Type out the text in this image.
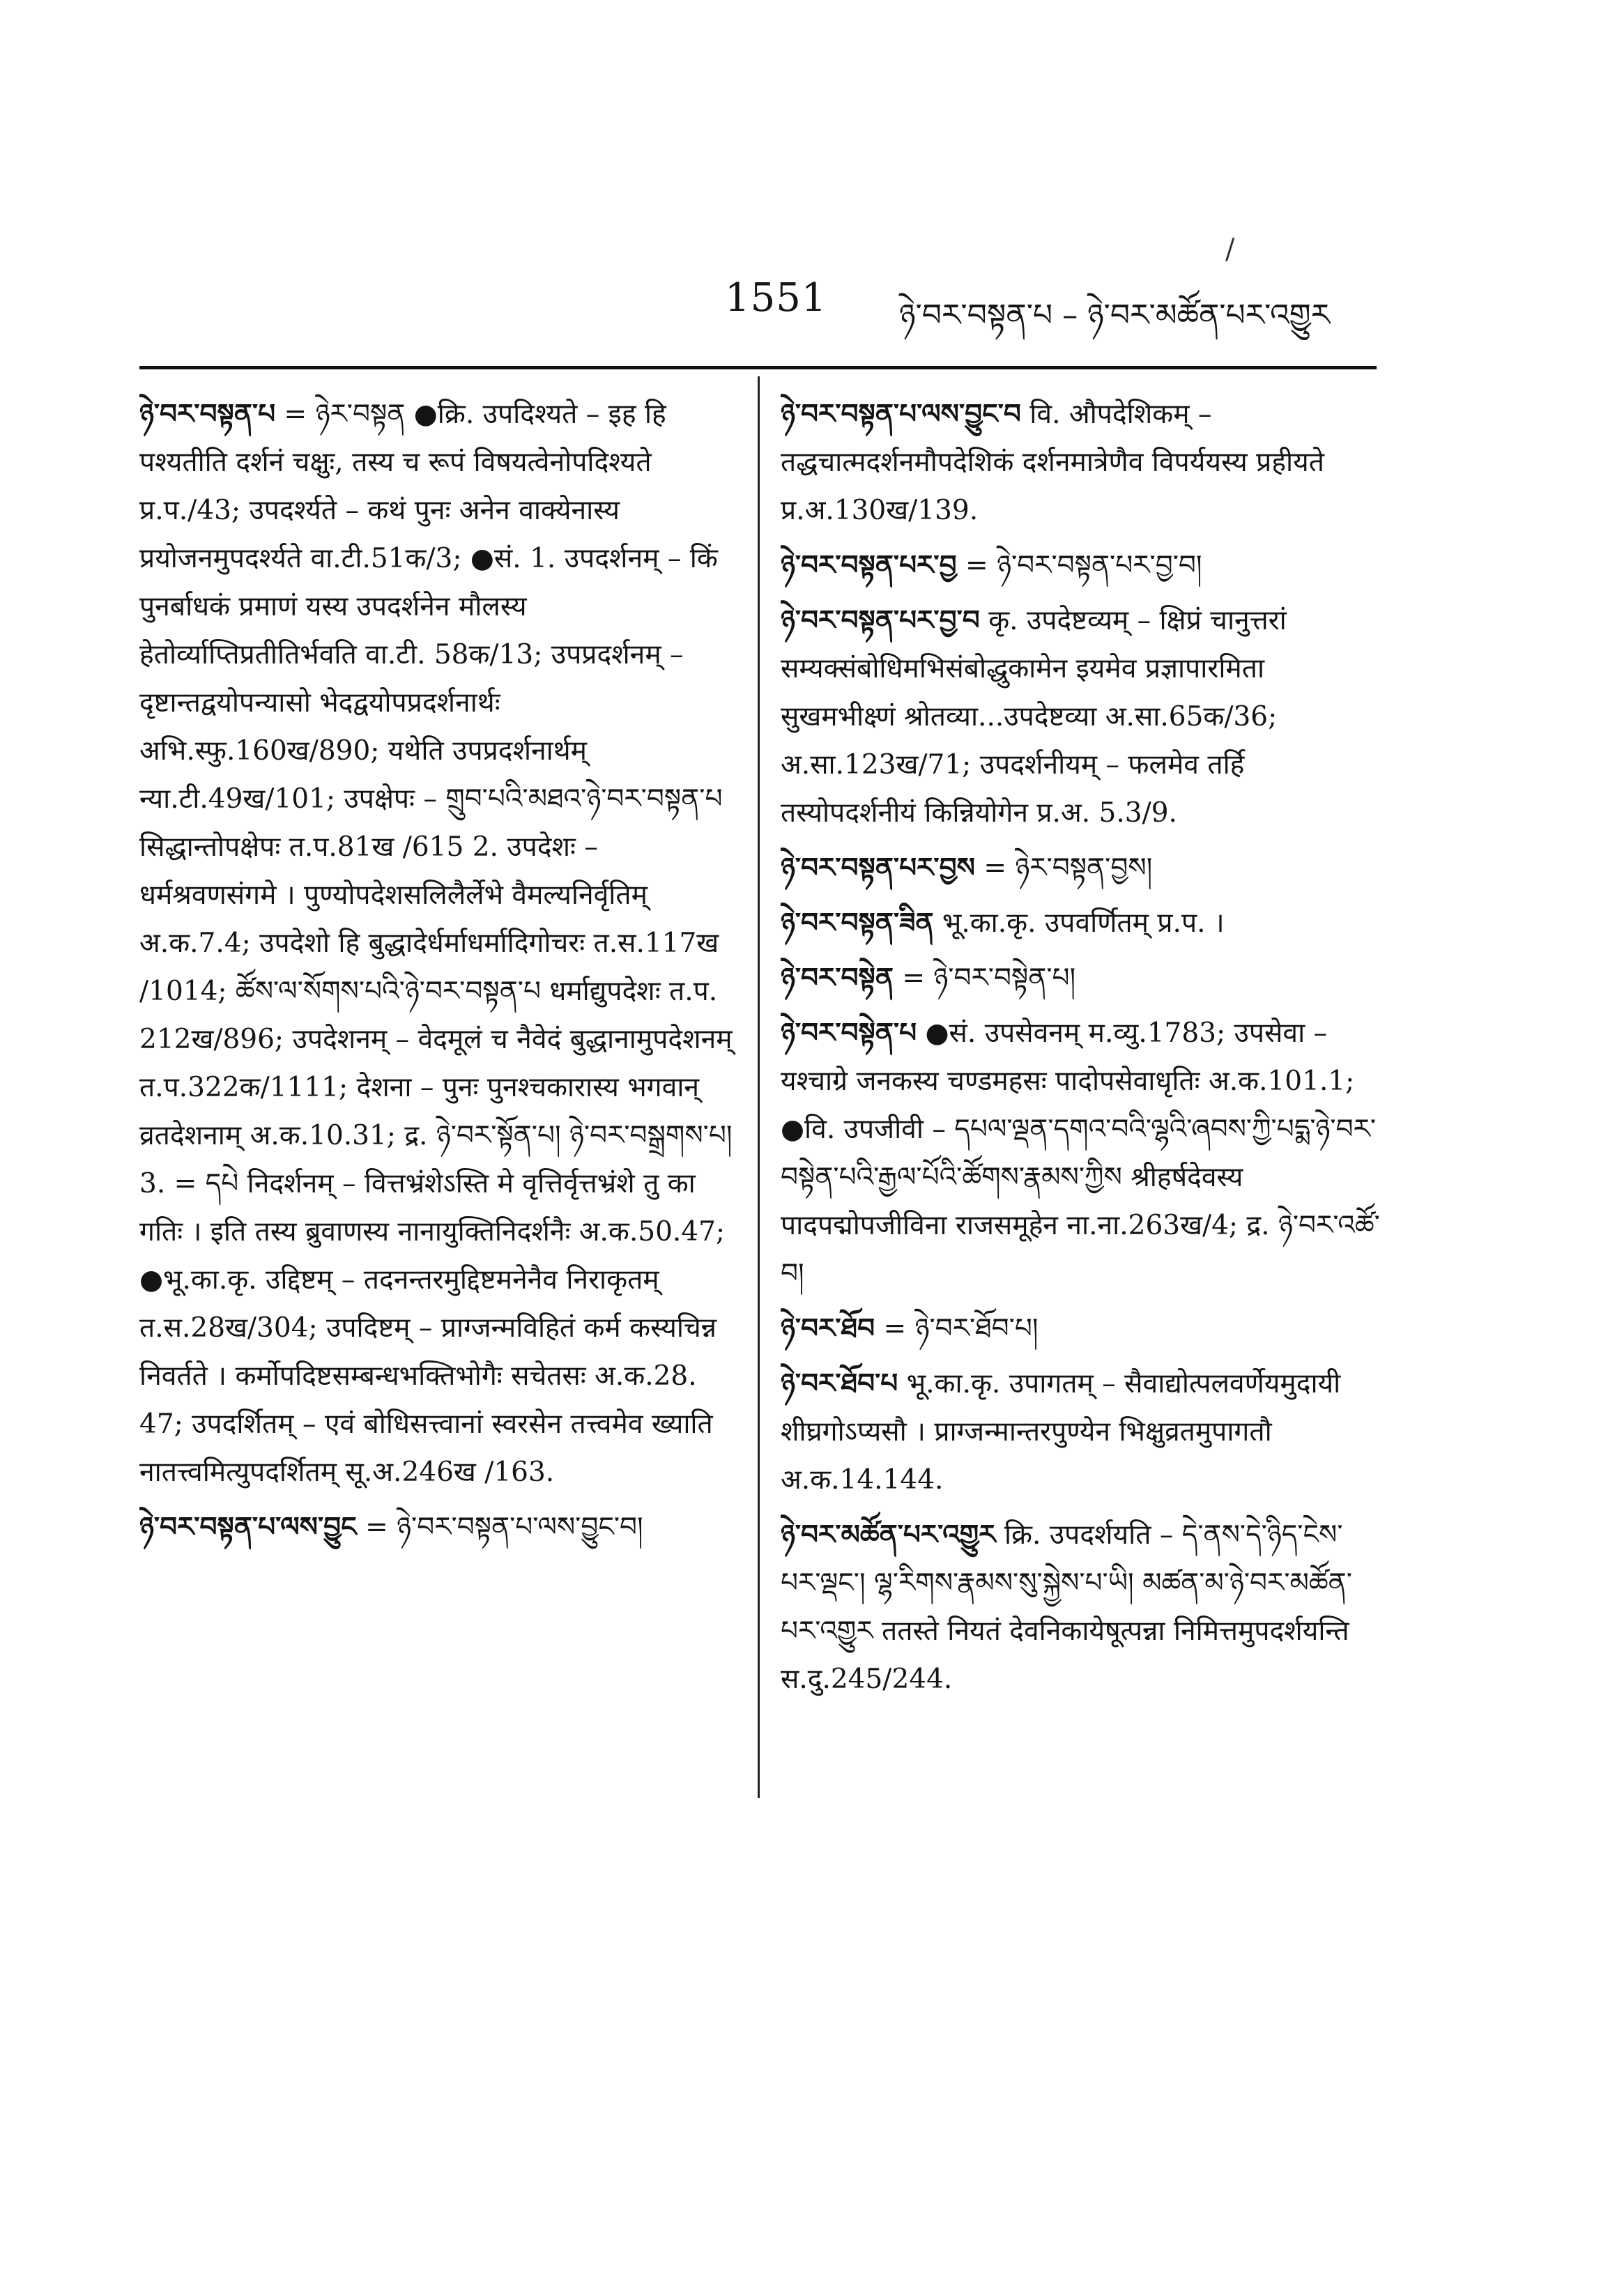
/
1551 ཉེ་བར་བསྟན་པ – ཉེ་བར་མཚོན་པར་འགྱུར
ཉེ་བར་བསྟན་པ = ཉེར་བསྟན ●क्रि. उपदिश्यते – इह हि पश्यतीति दर्शनं चक्षुः, तस्य च रूपं विषयत्वेनोपदिश्यते प्र.प./43; उपदर्श्यते – कथं पुनः अनेन वाक्येनास्य प्रयोजनमुपदर्श्यते वा.टी.51क/3; ●सं. 1. उपदर्शनम् – किं पुनर्बाधकं प्रमाणं यस्य उपदर्शनेन मौलस्य हेतोर्व्याप्तिप्रतीतिर्भवति वा.टी. 58क/13; उपप्रदर्शनम् – दृष्टान्तद्वयोपन्यासो भेदद्वयोपप्रदर्शनार्थः अभि.स्फु.160ख/890; यथेति उपप्रदर्शनार्थम् न्या.टी.49ख/101; उपक्षेपः – གྲུབ་པའི་མཐའ་ཉེ་བར་བསྟན་པ सिद्धान्तोपक्षेपः त.प.81ख /615 2. उपदेशः – धर्मश्रवणसंगमे । पुण्योपदेशसलिलैर्लेभे वैमल्यनिर्वृतिम् अ.क.7.4; उपदेशो हि बुद्धादेर्धर्माधर्मादिगोचरः त.स.117ख /1014; ཚོས་ལ་སོགས་པའི་ཉེ་བར་བསྟན་པ धर्माद्युपदेशः त.प. 212ख/896; उपदेशनम् – वेदमूलं च नैवेदं बुद्धानामुपदेशनम् त.प.322क/1111; देशना – पुनः पुनश्चकारास्य भगवान् व्रतदेशनाम् अ.क.10.31; द्र. ཉེ་བར་སྟོན་པ། ཉེ་བར་བསྒྲགས་པ། 3. = དཔེ निदर्शनम् – वित्तभ्रंशेऽस्ति मे वृत्तिर्वृत्तभ्रंशे तु का गतिः । इति तस्य ब्रुवाणस्य नानायुक्तिनिदर्शनैः अ.क.50.47; ●भू.का.कृ. उद्दिष्टम् – तदनन्तरमुद्दिष्टमनेनैव निराकृतम् त.स.28ख/304; उपदिष्टम् – प्राग्जन्मविहितं कर्म कस्यचिन्न निवर्तते । कर्मोपदिष्टसम्बन्धभक्तिभोगैः सचेतसः अ.क.28. 47; उपदर्शितम् – एवं बोधिसत्त्वानां स्वरसेन तत्त्वमेव ख्याति नातत्त्वमित्युपदर्शितम् सू.अ.246ख /163.
ཉེ་བར་བསྟན་པ་ལས་བྱུང = ཉེ་བར་བསྟན་པ་ལས་བྱུང་བ།
ཉེ་བར་བསྟན་པ་ལས་བྱུང་བ वि. औपदेशिकम् – तद्धचात्मदर्शनमौपदेशिकं दर्शनमात्रेणैव विपर्ययस्य प्रहीयते प्र.अ.130ख/139.
ཉེ་བར་བསྟན་པར་བྱ = ཉེ་བར་བསྟན་པར་བྱ་བ།
ཉེ་བར་བསྟན་པར་བྱ་བ कृ. उपदेष्टव्यम् – क्षिप्रं चानुत्तरां सम्यक्संबोधिमभिसंबोद्धुकामेन इयमेव प्रज्ञापारमिता सुखमभीक्ष्णं श्रोतव्या...उपदेष्टव्या अ.सा.65क/36; अ.सा.123ख/71; उपदर्शनीयम् – फलमेव तर्हि तस्योपदर्शनीयं किन्नियोगेन प्र.अ. 5.3/9.
ཉེ་བར་བསྟན་པར་བྱས = ཉེར་བསྟན་བྱས།
ཉེ་བར་བསྟན་ཟིན भू.का.कृ. उपवर्णितम् प्र.प. ।
ཉེ་བར་བསྟེན = ཉེ་བར་བསྟེན་པ།
ཉེ་བར་བསྟེན་པ ●सं. उपसेवनम् म.व्यु.1783; उपसेवा – यश्चाग्रे जनकस्य चण्डमहसः पादोपसेवाधृतिः अ.क.101.1; ●वि. उपजीवी – དཔལ་ལྡན་དགའ་བའི་ལྷའི་ཞབས་ཀྱི་པདྨ་ཉེ་བར་བསྟེན་པའི་རྒྱལ་པོའི་ཚོགས་རྣམས་ཀྱིས श्रीहर्षदेवस्य पादपद्मोपजीविना राजसमूहेन ना.ना.263ख/4; द्र. ཉེ་བར་འཚོ་བ།
ཉེ་བར་ཐོབ = ཉེ་བར་ཐོབ་པ།
ཉེ་བར་ཐོབ་པ भू.का.कृ. उपागतम् – सैवाद्योत्पलवर्णेयमुदायी शीघ्रगोऽप्यसौ । प्राग्जन्मान्तरपुण्येन भिक्षुव्रतमुपागतौ अ.क.14.144.
ཉེ་བར་མཚོན་པར་འགྱུར क्रि. उपदर्शयति – དེ་ནས་དེ་ཉིད་ངེས་པར་ལྡང་། ལྷ་རིགས་རྣམས་སུ་སྐྱེས་པ་ཡི། མཚན་མ་ཉེ་བར་མཚོན་པར་འགྱུར ततस्ते नियतं देवनिकायेषूत्पन्ना निमित्तमुपदर्शयन्ति स.दु.245/244.
